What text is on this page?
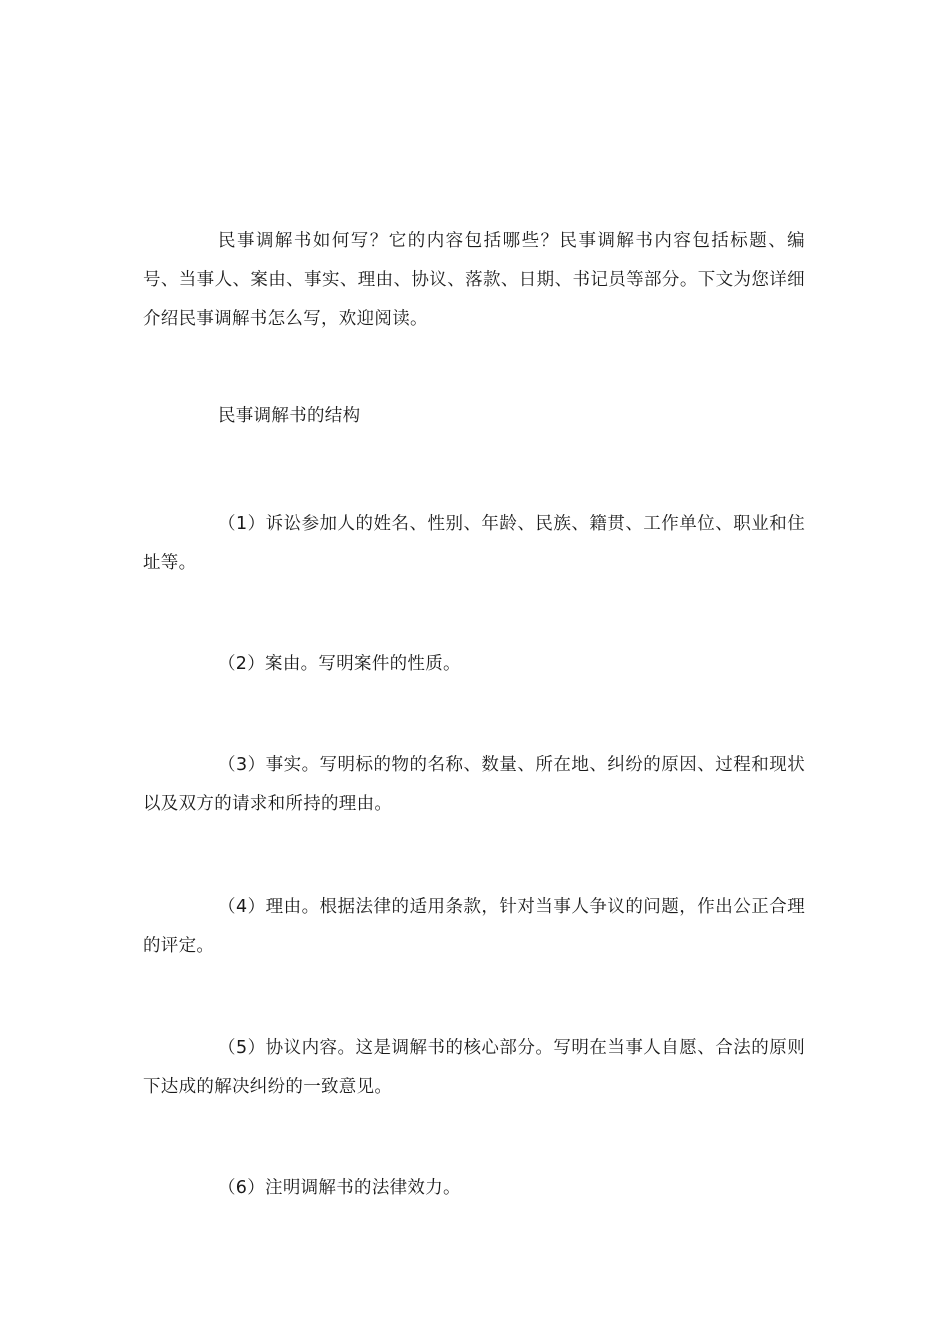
民事调解书如何写？它的内容包括哪些？民事调解书内容包括标题、编号、当事人、案由、事实、理由、协议、落款、日期、书记员等部分。下文为您详细介绍民事调解书怎么写，欢迎阅读。

民事调解书的结构

（1）诉讼参加人的姓名、性别、年龄、民族、籍贯、工作单位、职业和住址等。

（2）案由。写明案件的性质。

（3）事实。写明标的物的名称、数量、所在地、纠纷的原因、过程和现状以及双方的请求和所持的理由。

（4）理由。根据法律的适用条款，针对当事人争议的问题，作出公正合理的评定。

（5）协议内容。这是调解书的核心部分。写明在当事人自愿、合法的原则下达成的解决纠纷的一致意见。

（6）注明调解书的法律效力。
